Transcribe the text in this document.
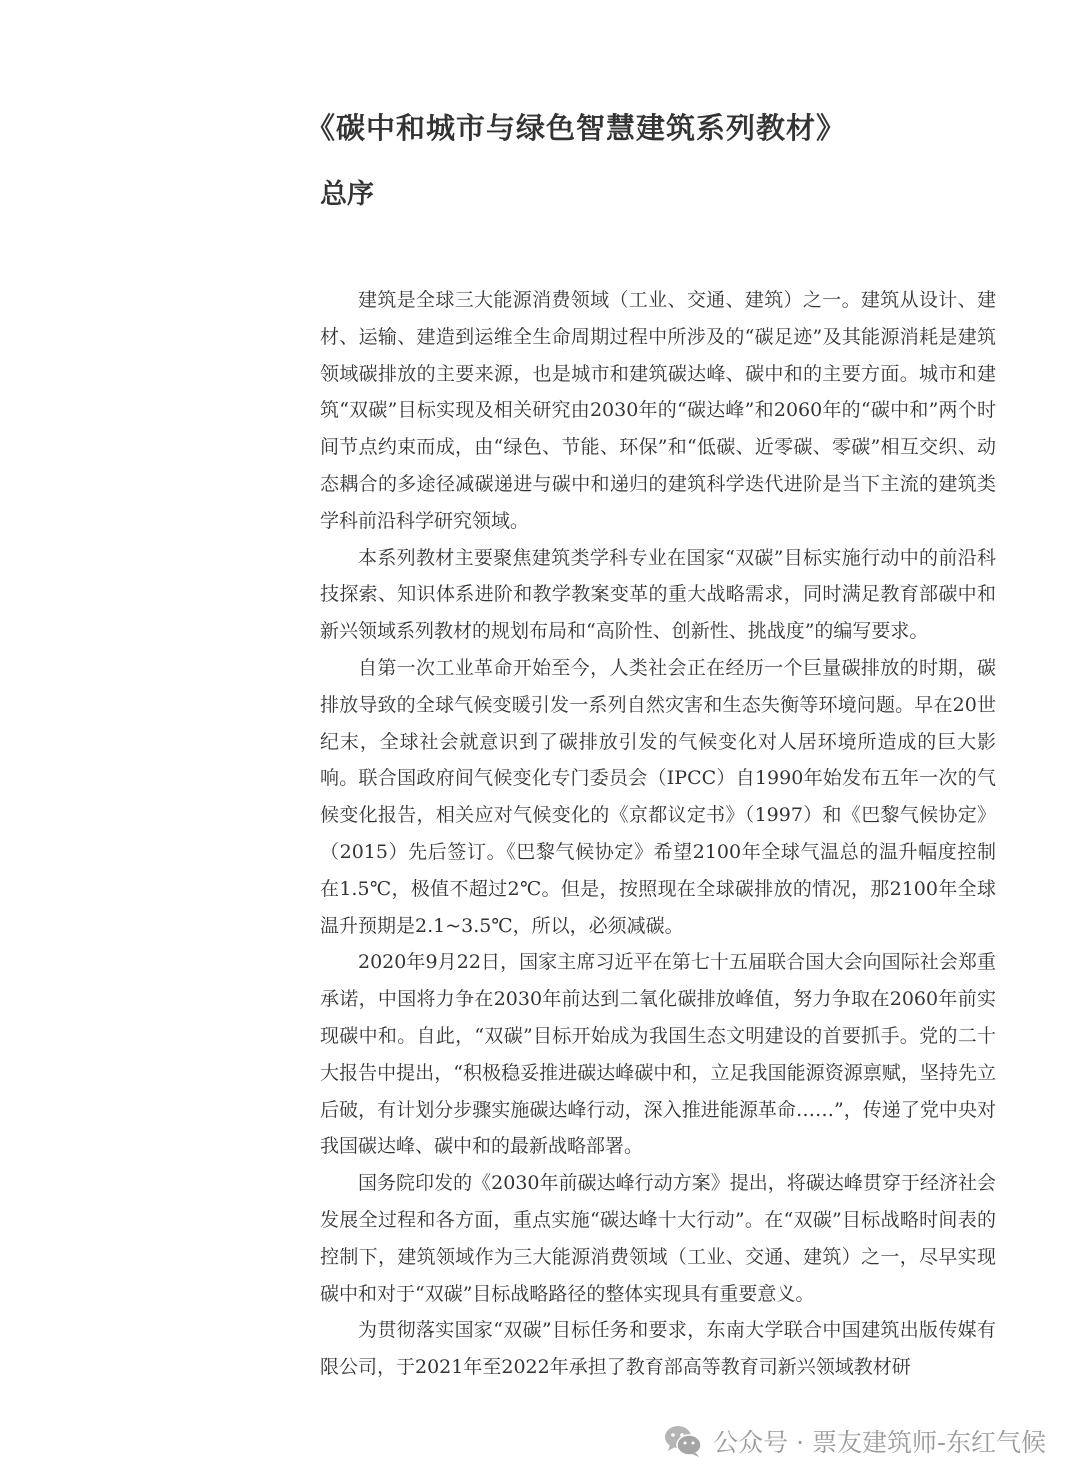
《碳中和城市与绿色智慧建筑系列教材》
总序

建筑是全球三大能源消费领域（工业、交通、建筑）之一。建筑从设计、建材、运输、建造到运维全生命周期过程中所涉及的“碳足迹”及其能源消耗是建筑领域碳排放的主要来源，也是城市和建筑碳达峰、碳中和的主要方面。城市和建筑“双碳”目标实现及相关研究由2030年的“碳达峰”和2060年的“碳中和”两个时间节点约束而成，由“绿色、节能、环保”和“低碳、近零碳、零碳”相互交织、动态耦合的多途径减碳递进与碳中和递归的建筑科学迭代进阶是当下主流的建筑类学科前沿科学研究领域。

本系列教材主要聚焦建筑类学科专业在国家“双碳”目标实施行动中的前沿科技探索、知识体系进阶和教学教案变革的重大战略需求，同时满足教育部碳中和新兴领域系列教材的规划布局和“高阶性、创新性、挑战度”的编写要求。

自第一次工业革命开始至今，人类社会正在经历一个巨量碳排放的时期，碳排放导致的全球气候变暖引发一系列自然灾害和生态失衡等环境问题。早在20世纪末，全球社会就意识到了碳排放引发的气候变化对人居环境所造成的巨大影响。联合国政府间气候变化专门委员会（IPCC）自1990年始发布五年一次的气候变化报告，相关应对气候变化的《京都议定书》（1997）和《巴黎气候协定》（2015）先后签订。《巴黎气候协定》希望2100年全球气温总的温升幅度控制在1.5℃，极值不超过2℃。但是，按照现在全球碳排放的情况，那2100年全球温升预期是2.1~3.5℃，所以，必须减碳。

2020年9月22日，国家主席习近平在第七十五届联合国大会向国际社会郑重承诺，中国将力争在2030年前达到二氧化碳排放峰值，努力争取在2060年前实现碳中和。自此，“双碳”目标开始成为我国生态文明建设的首要抓手。党的二十大报告中提出，“积极稳妥推进碳达峰碳中和，立足我国能源资源禀赋，坚持先立后破，有计划分步骤实施碳达峰行动，深入推进能源革命……”，传递了党中央对我国碳达峰、碳中和的最新战略部署。

国务院印发的《2030年前碳达峰行动方案》提出，将碳达峰贯穿于经济社会发展全过程和各方面，重点实施“碳达峰十大行动”。在“双碳”目标战略时间表的控制下，建筑领域作为三大能源消费领域（工业、交通、建筑）之一，尽早实现碳中和对于“双碳”目标战略路径的整体实现具有重要意义。

为贯彻落实国家“双碳”目标任务和要求，东南大学联合中国建筑出版传媒有限公司，于2021年至2022年承担了教育部高等教育司新兴领域教材研

公众号 · 票友建筑师-东红气候
